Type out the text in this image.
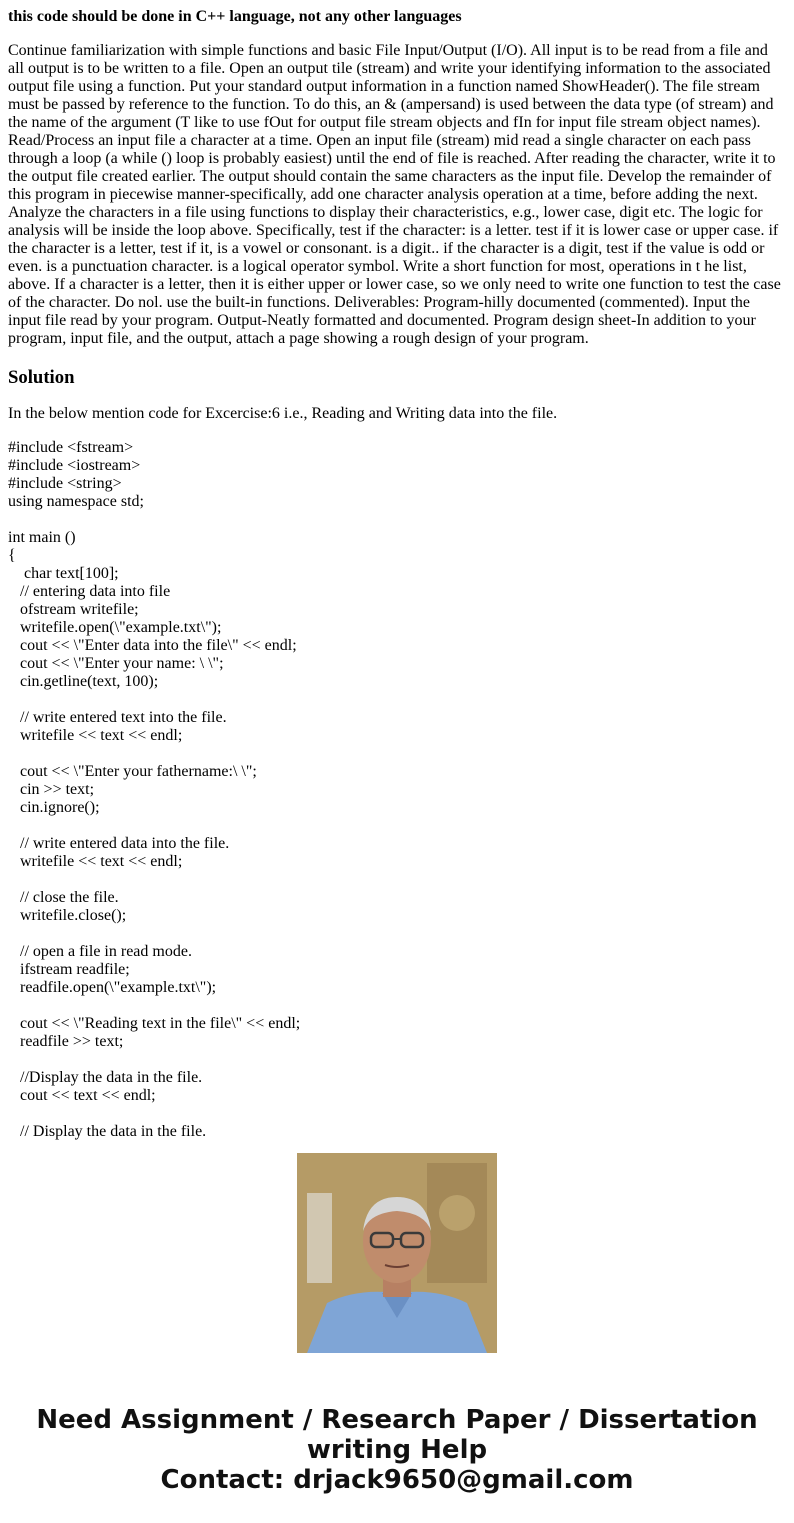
this code should be done in C++ language, not any other languages

Continue familiarization with simple functions and basic File Input/Output (I/O). All input is to be read from a file and all output is to be written to a file. Open an output tile (stream) and write your identifying information to the associated output file using a function. Put your standard output information in a function named ShowHeader(). The file stream must be passed by reference to the function. To do this, an & (ampersand) is used between the data type (of stream) and the name of the argument (T like to use fOut for output file stream objects and fIn for input file stream object names). Read/Process an input file a character at a time. Open an input file (stream) mid read a single character on each pass through a loop (a while () loop is probably easiest) until the end of file is reached. After reading the character, write it to the output file created earlier. The output should contain the same characters as the input file. Develop the remainder of this program in piecewise manner-specifically, add one character analysis operation at a time, before adding the next. Analyze the characters in a file using functions to display their characteristics, e.g., lower case, digit etc. The logic for analysis will be inside the loop above. Specifically, test if the character: is a letter. test if it is lower case or upper case. if the character is a letter, test if it, is a vowel or consonant. is a digit.. if the character is a digit, test if the value is odd or even. is a punctuation character. is a logical operator symbol. Write a short function for most, operations in t he list, above. If a character is a letter, then it is either upper or lower case, so we only need to write one function to test the case of the character. Do nol. use the built-in functions. Deliverables: Program-hilly documented (commented). Input the input file read by your program. Output-Neatly formatted and documented. Program design sheet-In addition to your program, input file, and the output, attach a page showing a rough design of your program.

Solution

In the below mention code for Excercise:6 i.e., Reading and Writing data into the file.

#include <fstream>
#include <iostream>
#include <string>
using namespace std;

int main ()
{
char text[100];
// entering data into file
ofstream writefile;
writefile.open(\"example.txt\");
cout << \"Enter data into the file\" << endl;
cout << \"Enter your name: \ \";
cin.getline(text, 100);

// write entered text into the file.
writefile << text << endl;

cout << \"Enter your fathername:\ \";
cin >> text;
cin.ignore();

// write entered data into the file.
writefile << text << endl;

// close the file.
writefile.close();

// open a file in read mode.
ifstream readfile;
readfile.open(\"example.txt\");

cout << \"Reading text in the file\" << endl;
readfile >> text;

//Display the data in the file.
cout << text << endl;

// Display the data in the file.
Need Assignment / Research Paper / Dissertation
writing Help
Contact: drjack9650@gmail.com
